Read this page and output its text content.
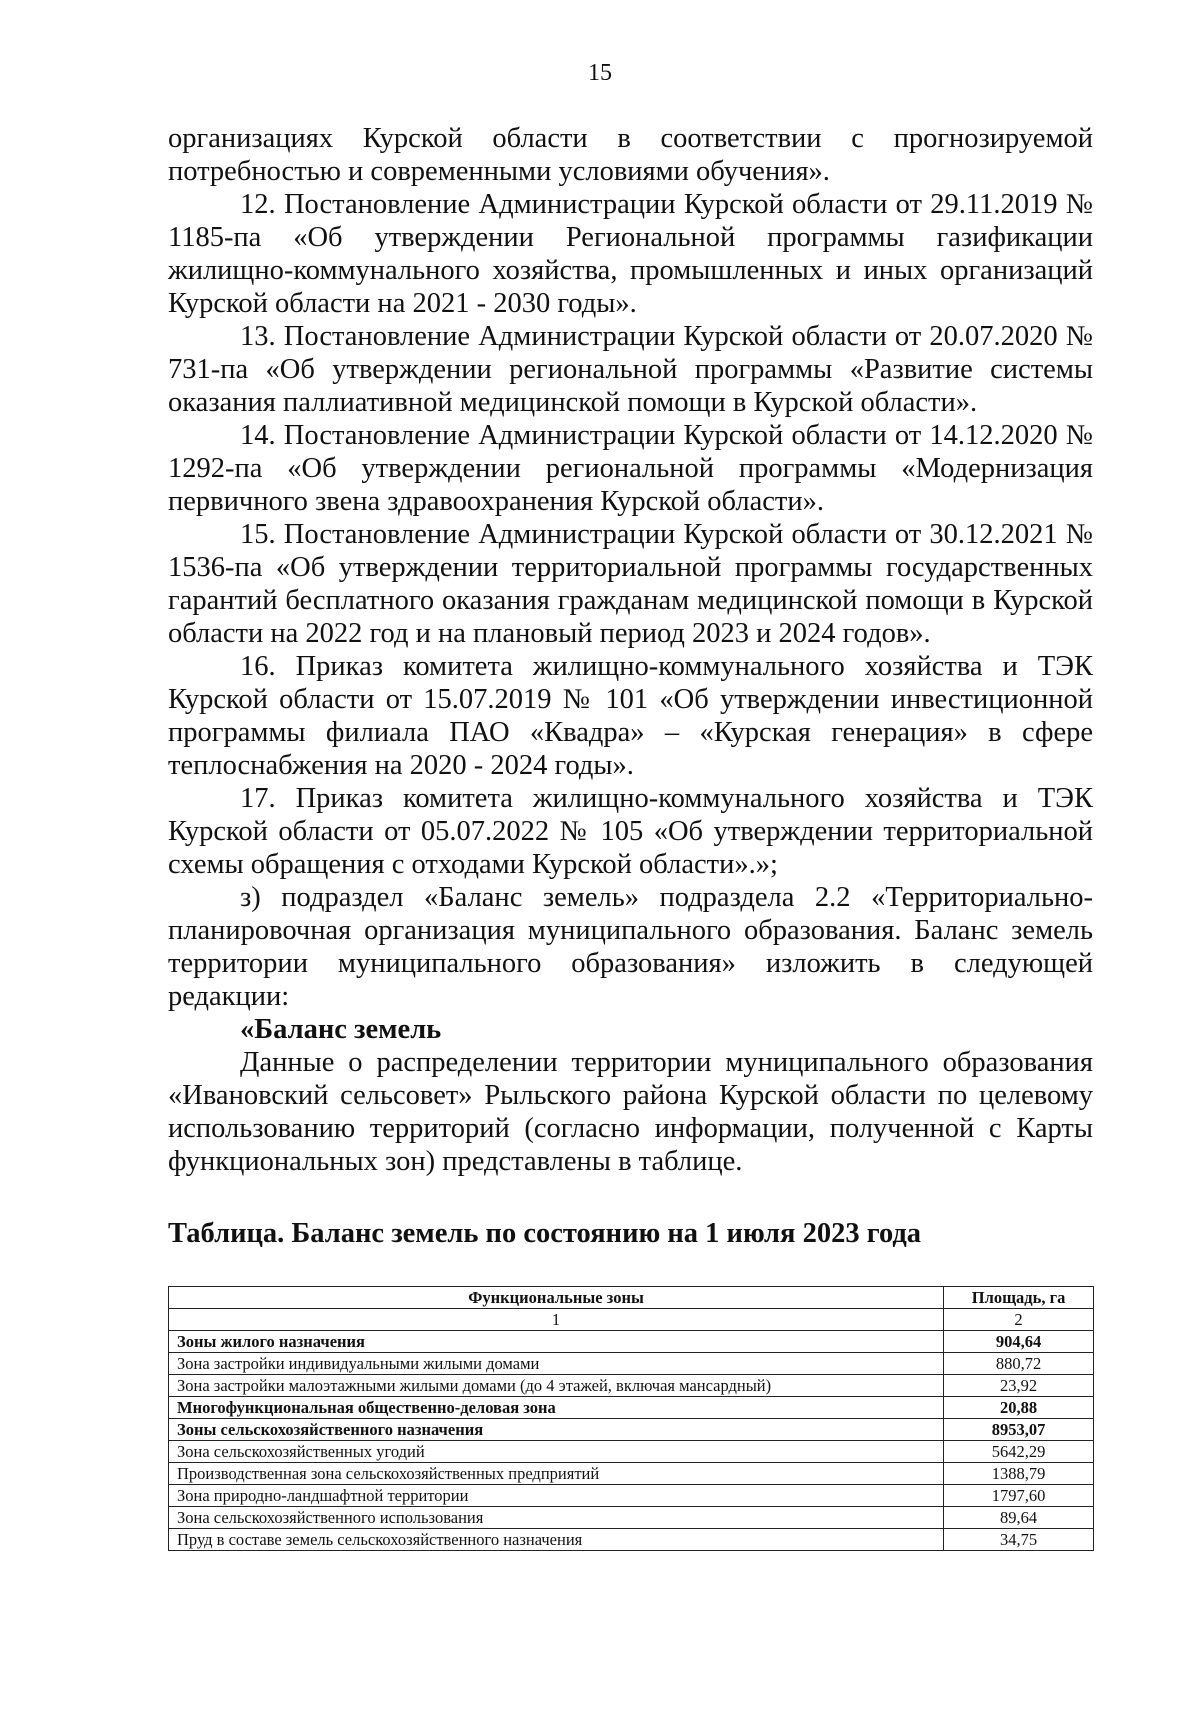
15

организациях Курской области в соответствии с прогнозируемой потребностью и современными условиями обучения».

12. Постановление Администрации Курской области от 29.11.2019 № 1185-па «Об утверждении Региональной программы газификации жилищно-коммунального хозяйства, промышленных и иных организаций Курской области на 2021 - 2030 годы».

13. Постановление Администрации Курской области от 20.07.2020 № 731-па «Об утверждении региональной программы «Развитие системы оказания паллиативной медицинской помощи в Курской области».

14. Постановление Администрации Курской области от 14.12.2020 № 1292-па «Об утверждении региональной программы «Модернизация первичного звена здравоохранения Курской области».

15. Постановление Администрации Курской области от 30.12.2021 № 1536-па «Об утверждении территориальной программы государственных гарантий бесплатного оказания гражданам медицинской помощи в Курской области на 2022 год и на плановый период 2023 и 2024 годов».

16. Приказ комитета жилищно-коммунального хозяйства и ТЭК Курской области от 15.07.2019 № 101 «Об утверждении инвестиционной программы филиала ПАО «Квадра» – «Курская генерация» в сфере теплоснабжения на 2020 - 2024 годы».

17. Приказ комитета жилищно-коммунального хозяйства и ТЭК Курской области от 05.07.2022 № 105 «Об утверждении территориальной схемы обращения с отходами Курской области».»;

з) подраздел «Баланс земель» подраздела 2.2 «Территориально-планировочная организация муниципального образования. Баланс земель территории муниципального образования» изложить в следующей редакции:

«Баланс земель

Данные о распределении территории муниципального образования «Ивановский сельсовет» Рыльского района Курской области по целевому использованию территорий (согласно информации, полученной с Карты функциональных зон) представлены в таблице.

Таблица. Баланс земель по состоянию на 1 июля 2023 года
Функциональные зоны	Площадь, га
1	2
Зоны жилого назначения	904,64
Зона застройки индивидуальными жилыми домами	880,72
Зона застройки малоэтажными жилыми домами (до 4 этажей, включая мансардный)	23,92
Многофункциональная общественно-деловая зона	20,88
Зоны сельскохозяйственного назначения	8953,07
Зона сельскохозяйственных угодий	5642,29
Производственная зона сельскохозяйственных предприятий	1388,79
Зона природно-ландшафтной территории	1797,60
Зона сельскохозяйственного использования	89,64
Пруд в составе земель сельскохозяйственного назначения	34,75
